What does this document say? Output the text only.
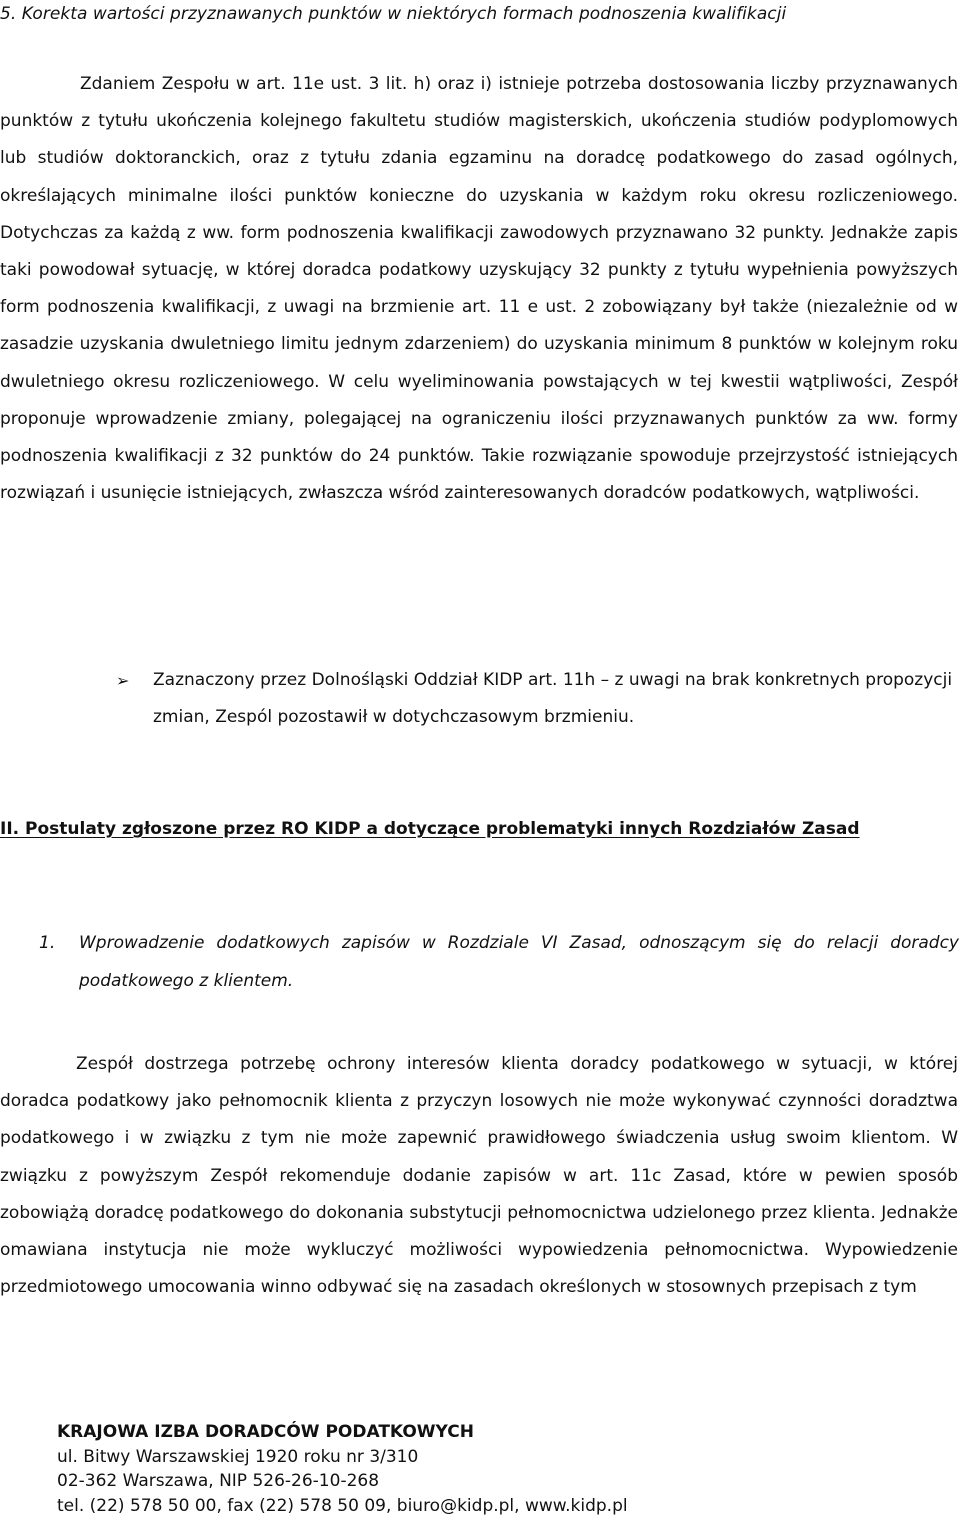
5. Korekta wartości przyznawanych punktów w niektórych formach podnoszenia kwalifikacji

Zdaniem Zespołu w art. 11e ust. 3 lit. h) oraz i) istnieje potrzeba dostosowania liczby przyznawanych punktów z tytułu ukończenia kolejnego fakultetu studiów magisterskich, ukończenia studiów podyplomowych lub studiów doktoranckich, oraz z tytułu zdania egzaminu na doradcę podatkowego do zasad ogólnych, określających minimalne ilości punktów konieczne do uzyskania w każdym roku okresu rozliczeniowego. Dotychczas za każdą z ww. form podnoszenia kwalifikacji zawodowych przyznawano 32 punkty. Jednakże zapis taki powodował sytuację, w której doradca podatkowy uzyskujący 32 punkty z tytułu wypełnienia powyższych form podnoszenia kwalifikacji, z uwagi na brzmienie art. 11 e ust. 2 zobowiązany był także (niezależnie od w zasadzie uzyskania dwuletniego limitu jednym zdarzeniem) do uzyskania minimum 8 punktów w kolejnym roku dwuletniego okresu rozliczeniowego. W celu wyeliminowania powstających w tej kwestii wątpliwości, Zespół proponuje wprowadzenie zmiany, polegającej na ograniczeniu ilości przyznawanych punktów za ww. formy podnoszenia kwalifikacji z 32 punktów do 24 punktów. Takie rozwiązanie spowoduje przejrzystość istniejących rozwiązań i usunięcie istniejących, zwłaszcza wśród zainteresowanych doradców podatkowych, wątpliwości.

➢ Zaznaczony przez Dolnośląski Oddział KIDP art. 11h – z uwagi na brak konkretnych propozycji zmian, Zespól pozostawił w dotychczasowym brzmieniu.

II. Postulaty zgłoszone przez RO KIDP a dotyczące problematyki innych Rozdziałów Zasad
1. Wprowadzenie dodatkowych zapisów w Rozdziale VI Zasad, odnoszącym się do relacji doradcy podatkowego z klientem.

Zespół dostrzega potrzebę ochrony interesów klienta doradcy podatkowego w sytuacji, w której doradca podatkowy jako pełnomocnik klienta z przyczyn losowych nie może wykonywać czynności doradztwa podatkowego i w związku z tym nie może zapewnić prawidłowego świadczenia usług swoim klientom. W związku z powyższym Zespół rekomenduje dodanie zapisów w art. 11c Zasad, które w pewien sposób zobowiążą doradcę podatkowego do dokonania substytucji pełnomocnictwa udzielonego przez klienta. Jednakże omawiana instytucja nie może wykluczyć możliwości wypowiedzenia pełnomocnictwa. Wypowiedzenie przedmiotowego umocowania winno odbywać się na zasadach określonych w stosownych przepisach z tym

KRAJOWA IZBA DORADCÓW PODATKOWYCH
ul. Bitwy Warszawskiej 1920 roku nr 3/310
02-362 Warszawa, NIP 526-26-10-268
tel. (22) 578 50 00, fax (22) 578 50 09, biuro@kidp.pl, www.kidp.pl
